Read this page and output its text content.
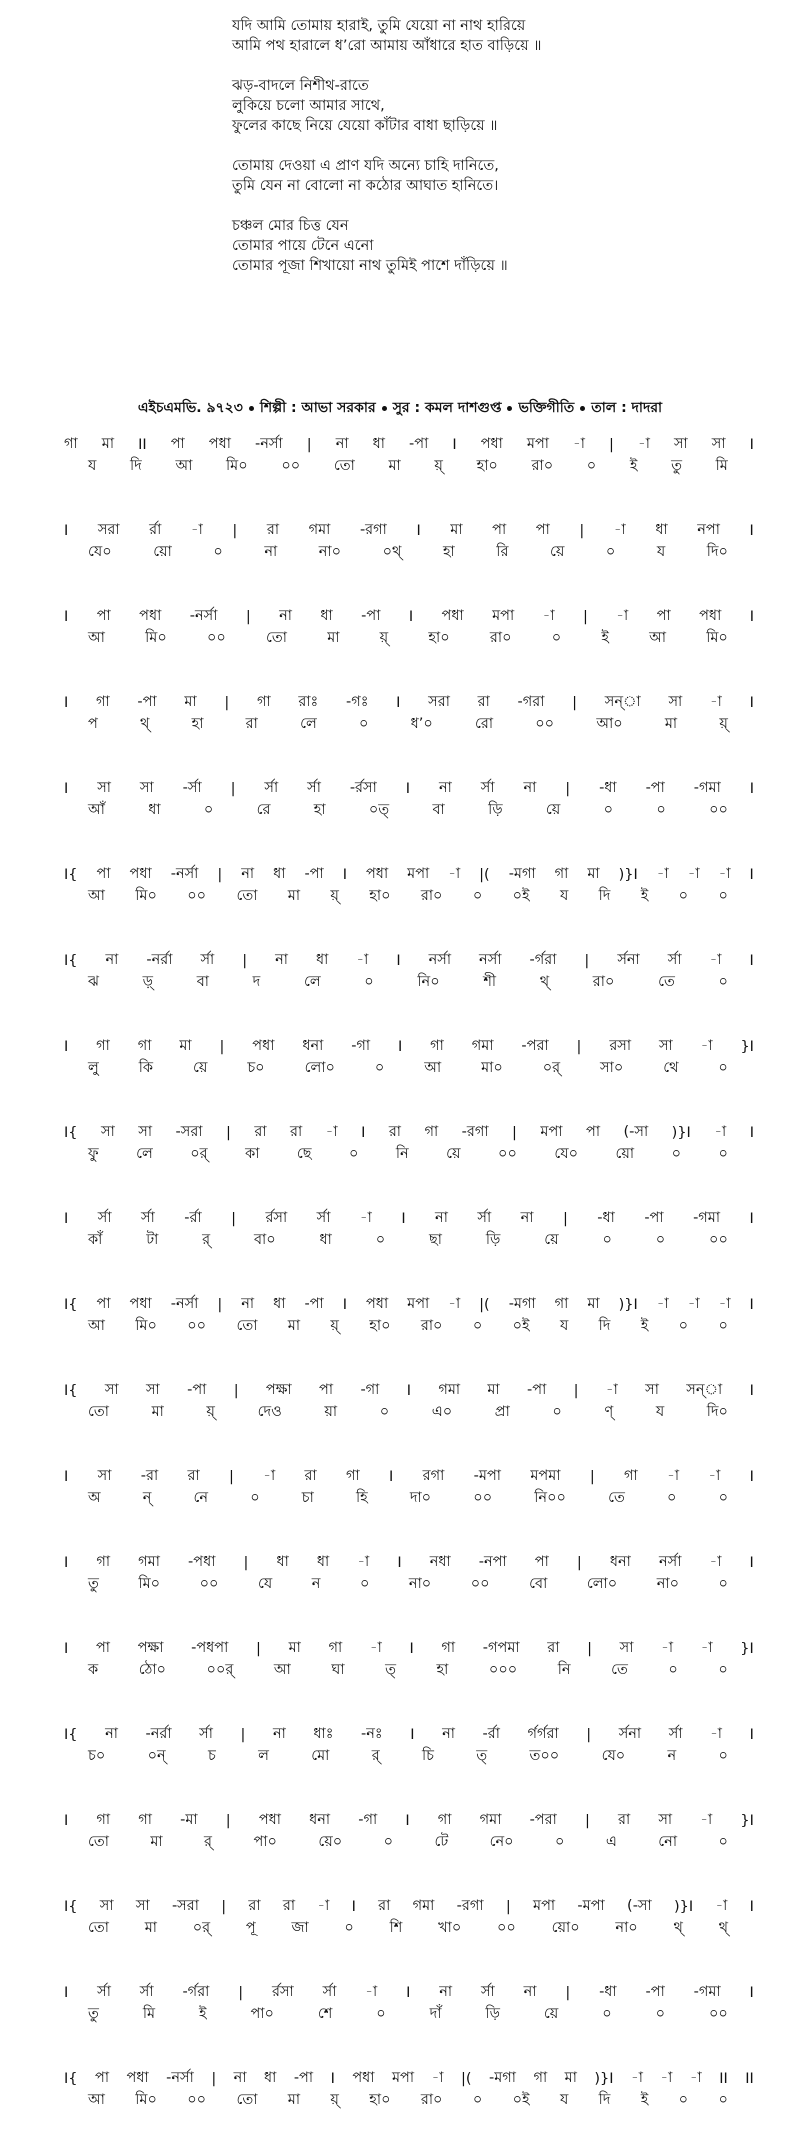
যদি আমি তোমায় হারাই, তুমি যেয়ো না নাথ হারিয়ে
আমি পথ হারালে ধ’রো আমায় আঁধারে হাত বাড়িয়ে ॥
ঝড়-বাদলে নিশীথ-রাতে
লুকিয়ে চলো আমার সাথে,
ফুলের কাছে নিয়ে যেয়ো কাঁটার বাধা ছাড়িয়ে ॥
তোমায় দেওয়া এ প্রাণ যদি অন্যে চাহি দানিতে,
তুমি যেন না বোলো না কঠোর আঘাত হানিতে।
চঞ্চল মোর চিত্ত যেন
তোমার পায়ে টেনে এনো
তোমার পূজা শিখায়ো নাথ তুমিই পাশে দাঁড়িয়ে ॥
এইচএমভি. ৯৭২৩ শিল্পী : আভা সরকার সুর : কমল দাশগুপ্ত ভক্তিগীতি তাল : দাদরা
গা মা II পা পধা -নর্সা | না ধা -পা I পধা মপা -া | -া সা সা I
য দি আ মি০ ০০ তো মা য়্ হা০ রা০ ০ ই তু মি
I সরা র্রা -া | রা গমা -রগা I মা পা পা | -া ধা নপা I
যে০	য়ো	০	না	না০	০থ্	হা	রি	য়ে	০	য	দি০
I পা পধা -নর্সা | না ধা -পা I পধা মপা -া | -া পা পধা I
আ	মি০	০০	তো	মা	য়্	হা০	রা০	০	ই	আ	মি০
I গা -পা মা | গা রাঃ -গঃ I সরা রা -গরা | সন্া সা -া I
প	থ্	হা	রা	লে	০	ধ’০	রো	০০	আ০	মা	য়্
I সা সা -র্সা | র্সা র্সা -র্রসা I না র্সা না | -ধা -পা -গমা I
আঁ	ধা	০	রে	হা	০ত্	বা	ড়ি	য়ে	০	০	০০
I{ পা পধা -নর্সা | না ধা -পা I পধা মপা -া |( -মগা গা মা )}I -া -া -া I
আ মি০ ০০ তো মা য়্ হা০ রা০ ০ ০ই য দি ই ০ ০
I{ না -নর্রা র্সা | না ধা -া I নর্সা নর্সা -র্গরা | র্সনা র্সা -া I
ঝ	ড়্	বা	দ	লে	০	নি০	শী	থ্	রা০	তে	০
I গা গা মা | পধা ধনা -গা I গা গমা -পরা | রসা সা -া }I
লু	কি	য়ে	চ০	লো০	০	আ	মা০	০র্	সা০	থে	০
I{ সা সা -সরা | রা রা -া I রা গা -রগা | মপা পা (-সা )}I -া I
ফু	লে	০র্	কা	ছে	০	নি	য়ে	০০	যে০	য়ো	০	০
I র্সা র্সা -র্রা | র্রসা র্সা -া I না র্সা না | -ধা -পা -গমা I
কাঁ	টা	র্	বা০	ধা	০	ছা	ড়ি	য়ে	০	০	০০
I{ পা পধা -নর্সা | না ধা -পা I পধা মপা -া |( -মগা গা মা )}I -া -া -া I
আ মি০ ০০ তো মা য়্ হা০ রা০ ০ ০ই য দি ই ০ ০
I{ সা সা -পা | পক্ষা পা -গা I গমা মা -পা | -া সা সন্া I
তো	মা	য়্	দেও	য়া	০	এ০	প্রা	০	ণ্	য	দি০
I সা -রা রা | -া রা গা I রগা -মপা মপমা | গা -া -া I
অ	ন্	নে	০	চা	হি	দা০	০০	নি০০	তে	০	০
I গা গমা -পধা | ধা ধা -া I নধা -নপা পা | ধনা নর্সা -া I
তু	মি০	০০	যে	ন	০	না০	০০	বো	লো০	না০	০
I পা পক্ষা -পধপা | মা গা -া I গা -গপমা রা | সা -া -া }I
ক	ঠো০	০০র্	আ	ঘা	ত্	হা	০০০	নি	তে	০	০
I{ না -নর্রা র্সা | না ধাঃ -নঃ I না -র্রা র্গর্গরা | র্সনা র্সা -া I
চ০	০ন্	চ	ল	মো	র্	চি	ত্	ত০০	যে০	ন	০
I গা গা -মা | পধা ধনা -গা I গা গমা -পরা | রা সা -া }I
তো	মা	র্	পা০	য়ে০	০	টে	নে০	০	এ	নো	০
I{ সা সা -সরা | রা রা -া I রা গমা -রগা | মপা -মপা (-সা )}I -া I
তো মা ০র্ পূ জা ০ শি খা০ ০০ য়ো০ না০ থ্ থ্
I র্সা র্সা -র্গরা | র্রসা র্সা -া I না র্সা না | -ধা -পা -গমা I
তু	মি	ই	পা০	শে	০	দাঁ	ড়ি	য়ে	০	০	০০
I{ পা পধা -নর্সা | না ধা -পা I পধা মপা -া |( -মগা গা মা )}I -া -া -া II II
আ মি০ ০০ তো মা য়্ হা০ রা০ ০ ০ই য দি ই ০ ০
